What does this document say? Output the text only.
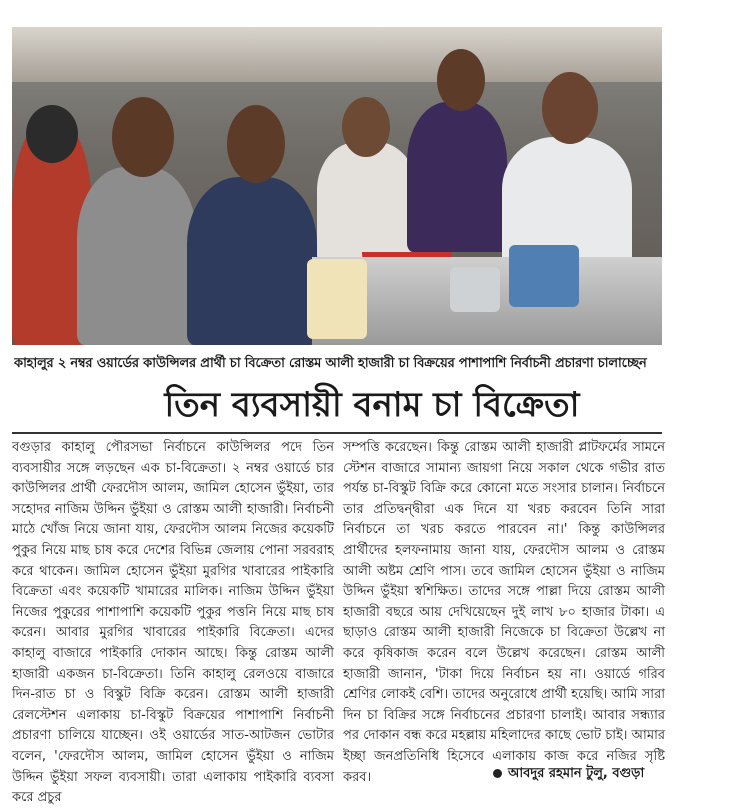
কাহালুর ২ নম্বর ওয়ার্ডের কাউন্সিলর প্রার্থী চা বিক্রেতা রোস্তম আলী হাজারী চা বিক্রয়ের পাশাপাশি নির্বাচনী প্রচারণা চালাচ্ছেন
তিন ব্যবসায়ী বনাম চা বিক্রেতা

বগুড়ার কাহালু পৌরসভা নির্বাচনে কাউন্সিলর পদে তিন ব্যবসায়ীর সঙ্গে লড়ছেন এক চা-বিক্রেতা। ২ নম্বর ওয়ার্ডে চার কাউন্সিলর প্রার্থী ফেরদৌস আলম, জামিল হোসেন ভুঁইয়া, তার সহোদর নাজিম উদ্দিন ভুঁইয়া ও রোস্তম আলী হাজারী। নির্বাচনী মাঠে খোঁজ নিয়ে জানা যায়, ফেরদৌস আলম নিজের কয়েকটি পুকুর নিয়ে মাছ চাষ করে দেশের বিভিন্ন জেলায় পোনা সরবরাহ করে থাকেন। জামিল হোসেন ভুঁইয়া মুরগির খাবারের পাইকারি বিক্রেতা এবং কয়েকটি খামারের মালিক। নাজিম উদ্দিন ভুঁইয়া নিজের পুকুরের পাশাপাশি কয়েকটি পুকুর পত্তনি নিয়ে মাছ চাষ করেন। আবার মুরগির খাবারের পাইকারি বিক্রেতা। এদের কাহালু বাজারে পাইকারি দোকান আছে। কিন্তু রোস্তম আলী হাজারী একজন চা-বিক্রেতা। তিনি কাহালু রেলওয়ে বাজারে দিন-রাত চা ও বিস্কুট বিক্রি করেন। রোস্তম আলী হাজারী রেলস্টেশন এলাকায় চা-বিস্কুট বিক্রয়ের পাশাপাশি নির্বাচনী প্রচারণা চালিয়ে যাচ্ছেন। ওই ওয়ার্ডের সাত-আটজন ভোটার বলেন, 'ফেরদৌস আলম, জামিল হোসেন ভুঁইয়া ও নাজিম উদ্দিন ভুঁইয়া সফল ব্যবসায়ী। তারা এলাকায় পাইকারি ব্যবসা করে প্রচুর

সম্পত্তি করেছেন। কিন্তু রোস্তম আলী হাজারী প্লাটফর্মের সামনে স্টেশন বাজারে সামান্য জায়গা নিয়ে সকাল থেকে গভীর রাত পর্যন্ত চা-বিস্কুট বিক্রি করে কোনো মতে সংসার চালান। নির্বাচনে তার প্রতিদ্বন্দ্বীরা এক দিনে যা খরচ করবেন তিনি সারা নির্বাচনে তা খরচ করতে পারবেন না।' কিন্তু কাউন্সিলর প্রার্থীদের হলফনামায় জানা যায়, ফেরদৌস আলম ও রোস্তম আলী অষ্টম শ্রেণি পাস। তবে জামিল হোসেন ভুঁইয়া ও নাজিম উদ্দিন ভুঁইয়া স্বশিক্ষিত। তাদের সঙ্গে পাল্লা দিয়ে রোস্তম আলী হাজারী বছরে আয় দেখিয়েছেন দুই লাখ ৮০ হাজার টাকা। এ ছাড়াও রোস্তম আলী হাজারী নিজেকে চা বিক্রেতা উল্লেখ না করে কৃষিকাজ করেন বলে উল্লেখ করেছেন। রোস্তম আলী হাজারী জানান, 'টাকা দিয়ে নির্বাচন হয় না। ওয়ার্ডে গরিব শ্রেণির লোকই বেশি। তাদের অনুরোধে প্রার্থী হয়েছি। আমি সারা দিন চা বিক্রির সঙ্গে নির্বাচনের প্রচারণা চালাই। আবার সন্ধ্যার পর দোকান বন্ধ করে মহল্লায় মহিলাদের কাছে ভোট চাই। আমার ইচ্ছা জনপ্রতিনিধি হিসেবে এলাকায় কাজ করে নজির সৃষ্টি করব।	আবদুর রহমান টুলু, বগুড়া
